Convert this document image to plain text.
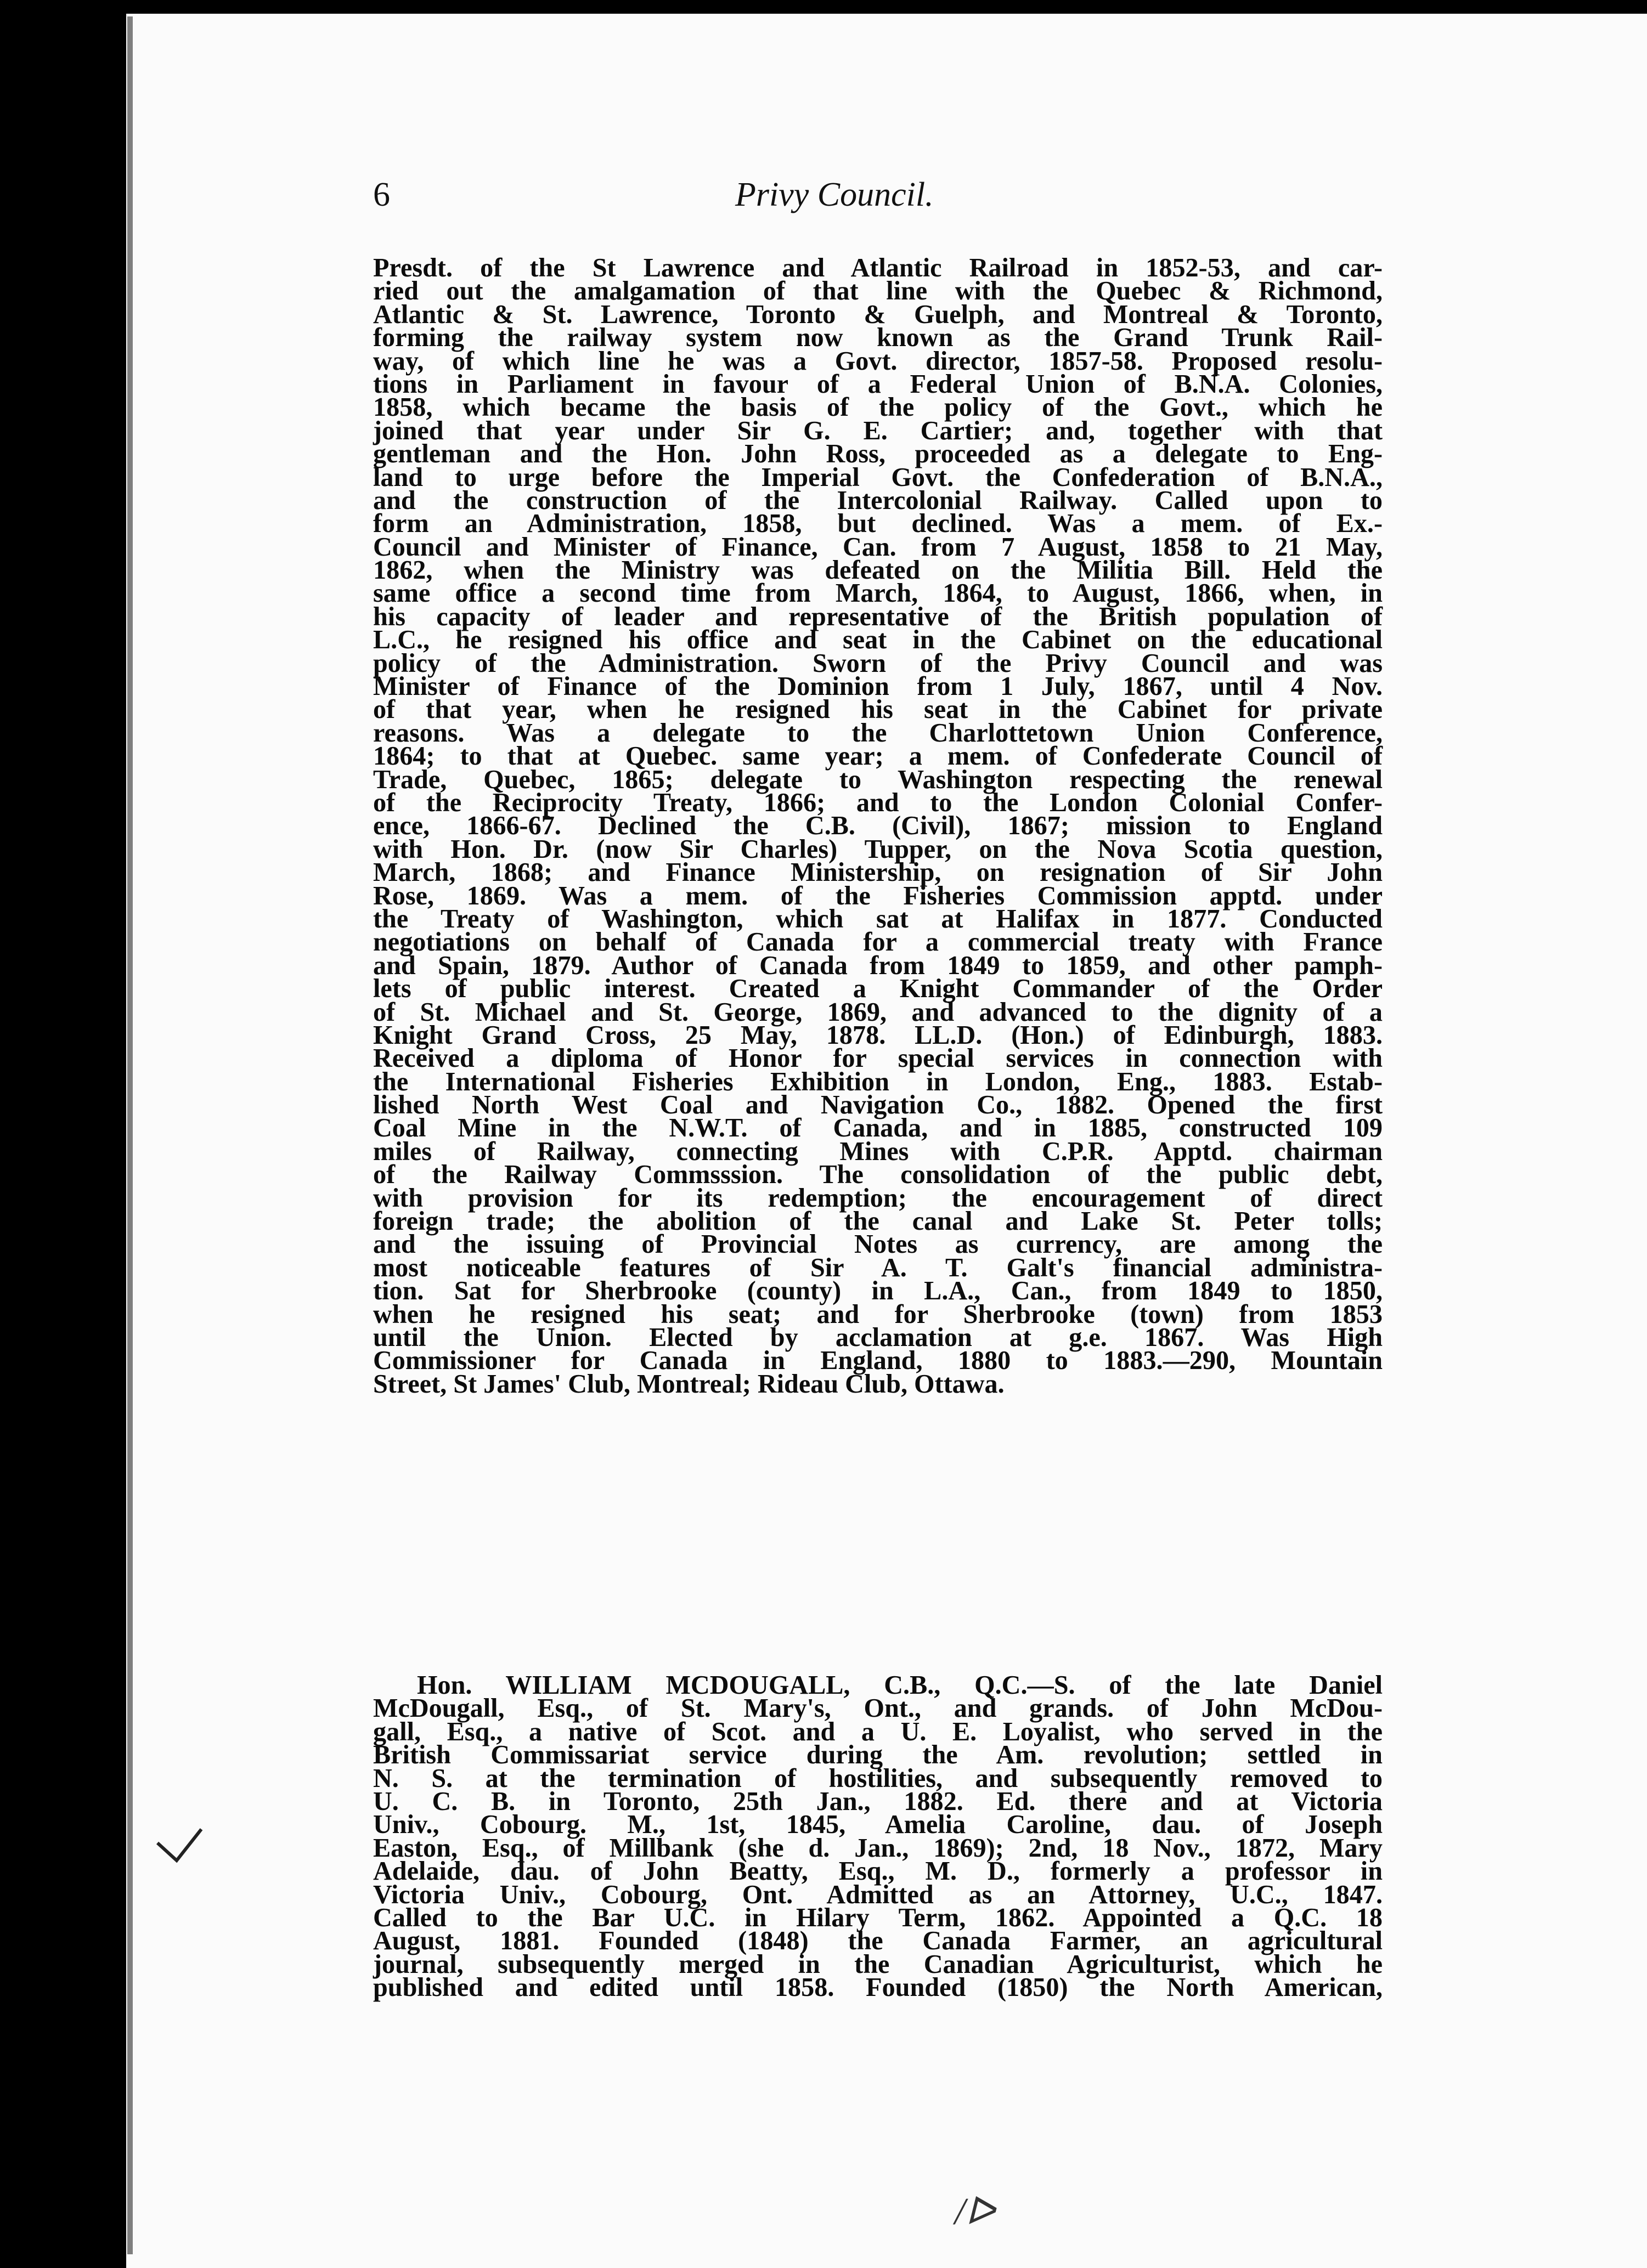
6	Privy Council.
Presdt. of the St Lawrence and Atlantic Railroad in 1852-53, and car-
ried out the amalgamation of that line with the Quebec & Richmond,
Atlantic & St. Lawrence, Toronto & Guelph, and Montreal & Toronto,
forming the railway system now known as the Grand Trunk Rail-
way, of which line he was a Govt. director, 1857-58. Proposed resolu-
tions in Parliament in favour of a Federal Union of B.N.A. Colonies,
1858, which became the basis of the policy of the Govt., which he
joined that year under Sir G. E. Cartier; and, together with that
gentleman and the Hon. John Ross, proceeded as a delegate to Eng-
land to urge before the Imperial Govt. the Confederation of B.N.A.,
and the construction of the Intercolonial Railway. Called upon to
form an Administration, 1858, but declined. Was a mem. of Ex.-
Council and Minister of Finance, Can. from 7 August, 1858 to 21 May,
1862, when the Ministry was defeated on the Militia Bill. Held the
same office a second time from March, 1864, to August, 1866, when, in
his capacity of leader and representative of the British population of
L.C., he resigned his office and seat in the Cabinet on the educational
policy of the Administration. Sworn of the Privy Council and was
Minister of Finance of the Dominion from 1 July, 1867, until 4 Nov.
of that year, when he resigned his seat in the Cabinet for private
reasons. Was a delegate to the Charlottetown Union Conference,
1864; to that at Quebec. same year; a mem. of Confederate Council of
Trade, Quebec, 1865; delegate to Washington respecting the renewal
of the Reciprocity Treaty, 1866; and to the London Colonial Confer-
ence, 1866-67. Declined the C.B. (Civil), 1867; mission to England
with Hon. Dr. (now Sir Charles) Tupper, on the Nova Scotia question,
March, 1868; and Finance Ministership, on resignation of Sir John
Rose, 1869. Was a mem. of the Fisheries Commission apptd. under
the Treaty of Washington, which sat at Halifax in 1877. Conducted
negotiations on behalf of Canada for a commercial treaty with France
and Spain, 1879. Author of Canada from 1849 to 1859, and other pamph-
lets of public interest. Created a Knight Commander of the Order
of St. Michael and St. George, 1869, and advanced to the dignity of a
Knight Grand Cross, 25 May, 1878. LL.D. (Hon.) of Edinburgh, 1883.
Received a diploma of Honor for special services in connection with
the International Fisheries Exhibition in London, Eng., 1883. Estab-
lished North West Coal and Navigation Co., 1882. Opened the first
Coal Mine in the N.W.T. of Canada, and in 1885, constructed 109
miles of Railway, connecting Mines with C.P.R. Apptd. chairman
of the Railway Commsssion. The consolidation of the public debt,
with provision for its redemption; the encouragement of direct
foreign trade; the abolition of the canal and Lake St. Peter tolls;
and the issuing of Provincial Notes as currency, are among the
most noticeable features of Sir A. T. Galt's financial administra-
tion. Sat for Sherbrooke (county) in L.A., Can., from 1849 to 1850,
when he resigned his seat; and for Sherbrooke (town) from 1853
until the Union. Elected by acclamation at g.e. 1867. Was High
Commissioner for Canada in England, 1880 to 1883.—290, Mountain
Street, St James' Club, Montreal; Rideau Club, Ottawa.
Hon. WILLIAM MCDOUGALL, C.B., Q.C.—S. of the late Daniel
McDougall, Esq., of St. Mary's, Ont., and grands. of John McDou-
gall, Esq., a native of Scot. and a U. E. Loyalist, who served in the
British Commissariat service during the Am. revolution; settled in
N. S. at the termination of hostilities, and subsequently removed to
U. C. B. in Toronto, 25th Jan., 1882. Ed. there and at Victoria
Univ., Cobourg. M., 1st, 1845, Amelia Caroline, dau. of Joseph
Easton, Esq., of Millbank (she d. Jan., 1869); 2nd, 18 Nov., 1872, Mary
Adelaide, dau. of John Beatty, Esq., M. D., formerly a professor in
Victoria Univ., Cobourg, Ont. Admitted as an Attorney, U.C., 1847.
Called to the Bar U.C. in Hilary Term, 1862. Appointed a Q.C. 18
August, 1881. Founded (1848) the Canada Farmer, an agricultural
journal, subsequently merged in the Canadian Agriculturist, which he
published and edited until 1858. Founded (1850) the North American,
/ᐅ
